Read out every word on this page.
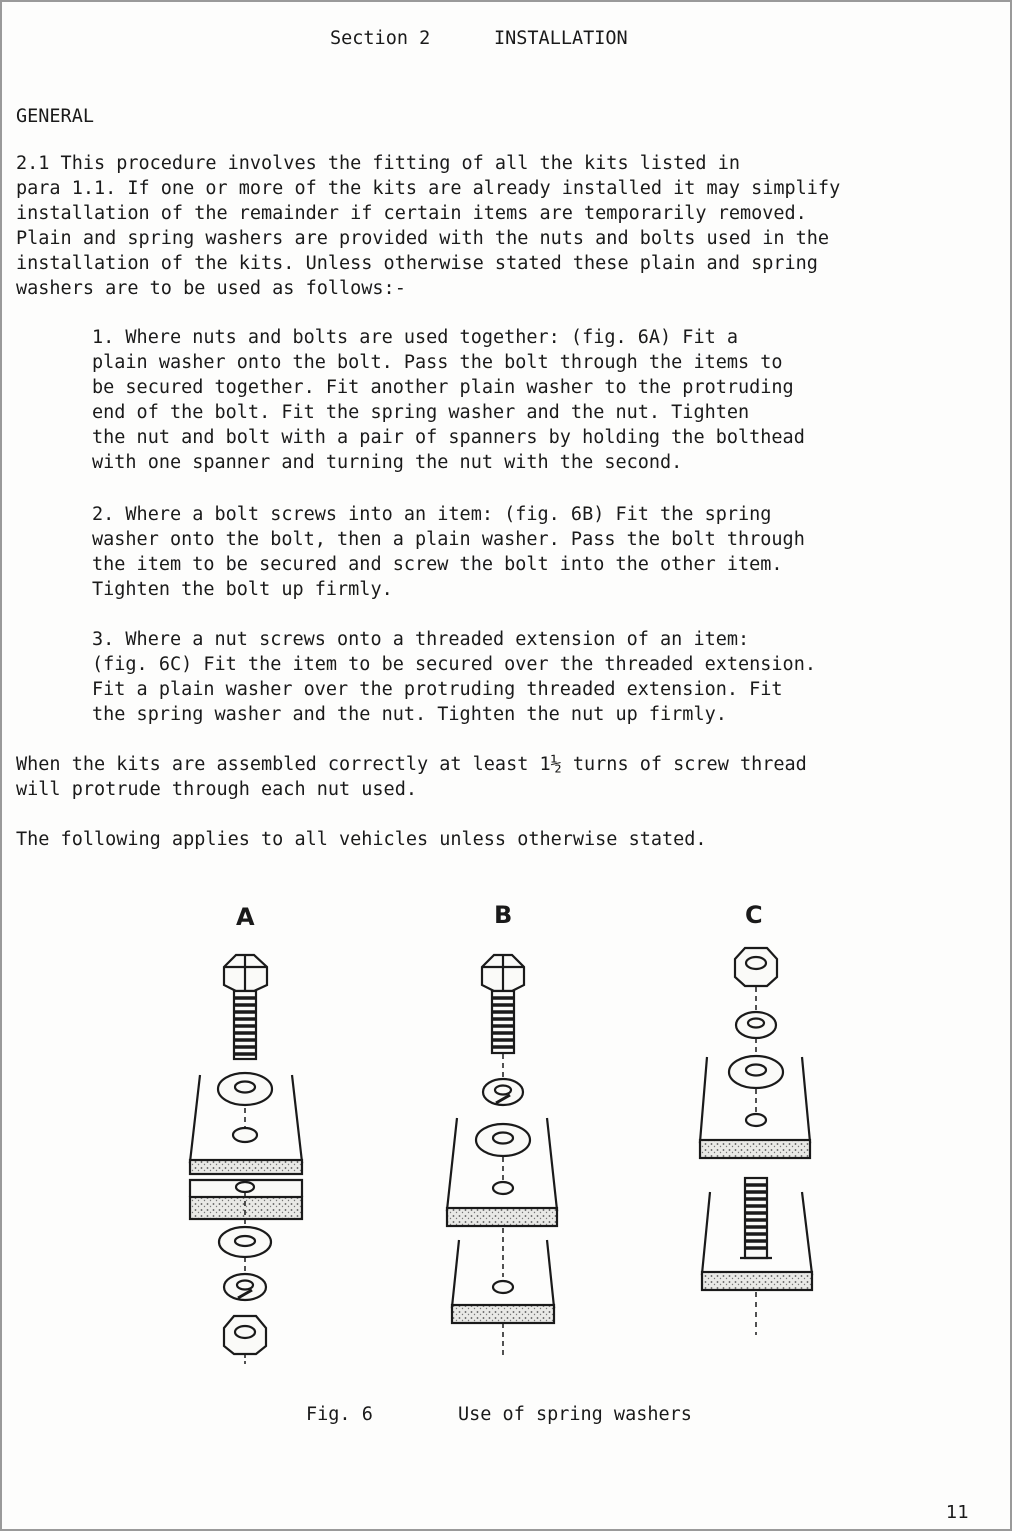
Section 2	INSTALLATION
GENERAL

2.1 This procedure involves the fitting of all the kits listed in
para 1.1. If one or more of the kits are already installed it may simplify
installation of the remainder if certain items are temporarily removed.
Plain and spring washers are provided with the nuts and bolts used in the
installation of the kits. Unless otherwise stated these plain and spring
washers are to be used as follows:-

1. Where nuts and bolts are used together: (fig. 6A) Fit a
plain washer onto the bolt. Pass the bolt through the items to
be secured together. Fit another plain washer to the protruding
end of the bolt. Fit the spring washer and the nut. Tighten
the nut and bolt with a pair of spanners by holding the bolthead
with one spanner and turning the nut with the second.

2. Where a bolt screws into an item: (fig. 6B) Fit the spring
washer onto the bolt, then a plain washer. Pass the bolt through
the item to be secured and screw the bolt into the other item.
Tighten the bolt up firmly.

3. Where a nut screws onto a threaded extension of an item:
(fig. 6C) Fit the item to be secured over the threaded extension.
Fit a plain washer over the protruding threaded extension. Fit
the spring washer and the nut. Tighten the nut up firmly.

When the kits are assembled correctly at least 1½ turns of screw thread
will protrude through each nut used.

The following applies to all vehicles unless otherwise stated.
A	B	C
Fig. 6	Use of spring washers
11
